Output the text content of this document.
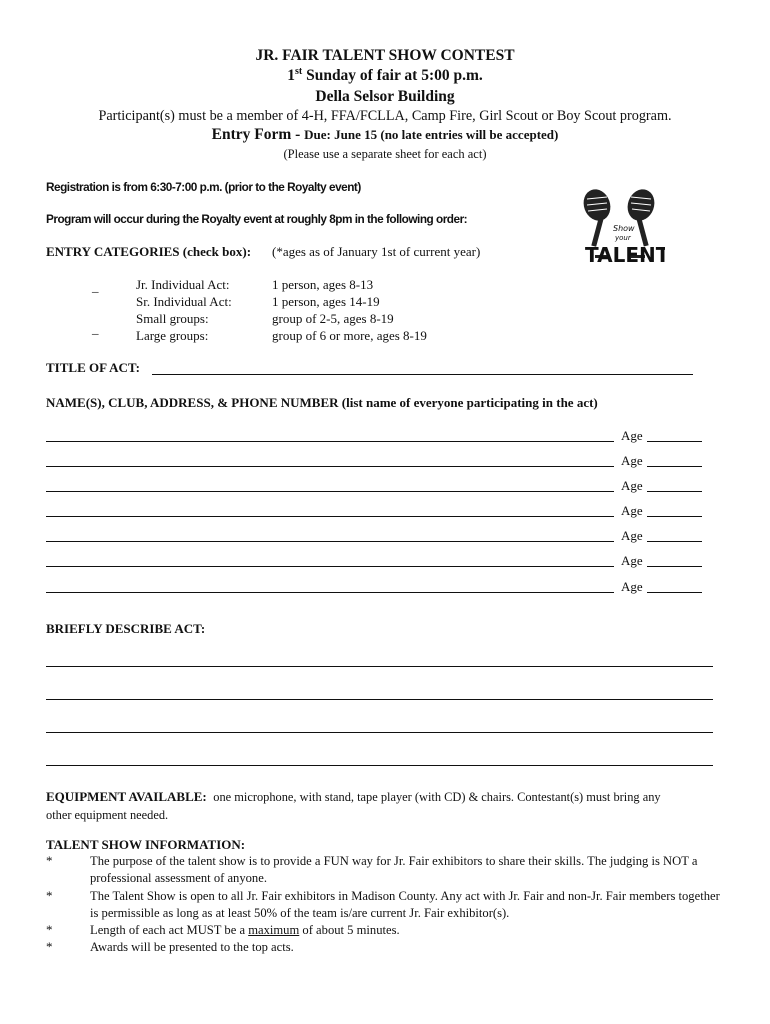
JR. FAIR TALENT SHOW CONTEST
1st Sunday of fair at 5:00 p.m.
Della Selsor Building
Participant(s) must be a member of 4-H, FFA/FCLLA, Camp Fire, Girl Scout or Boy Scout program.
Entry Form - Due: June 15 (no late entries will be accepted)
(Please use a separate sheet for each act)
Registration is from 6:30-7:00 p.m. (prior to the Royalty event)
Program will occur during the Royalty event at roughly 8pm in the following order:
Show
your
TALENT
ENTRY CATEGORIES (check box): (*ages as of January 1st of current year)
_	Jr. Individual Act:	1 person, ages 8-13
Sr. Individual Act:	1 person, ages 14-19
Small groups:	group of 2-5, ages 8-19
_	Large groups:	group of 6 or more, ages 8-19
TITLE OF ACT:
NAME(S), CLUB, ADDRESS, & PHONE NUMBER (list name of everyone participating in the act)
Age
Age
Age
Age
Age
Age
Age
BRIEFLY DESCRIBE ACT:
EQUIPMENT AVAILABLE: one microphone, with stand, tape player (with CD) & chairs. Contestant(s) must bring any
other equipment needed.
TALENT SHOW INFORMATION:
*	The purpose of the talent show is to provide a FUN way for Jr. Fair exhibitors to share their skills. The judging is NOT a professional assessment of anyone.
*	The Talent Show is open to all Jr. Fair exhibitors in Madison County. Any act with Jr. Fair and non-Jr. Fair members together is permissible as long as at least 50% of the team is/are current Jr. Fair exhibitor(s).
*	Length of each act MUST be a maximum of about 5 minutes.
*	Awards will be presented to the top acts.
